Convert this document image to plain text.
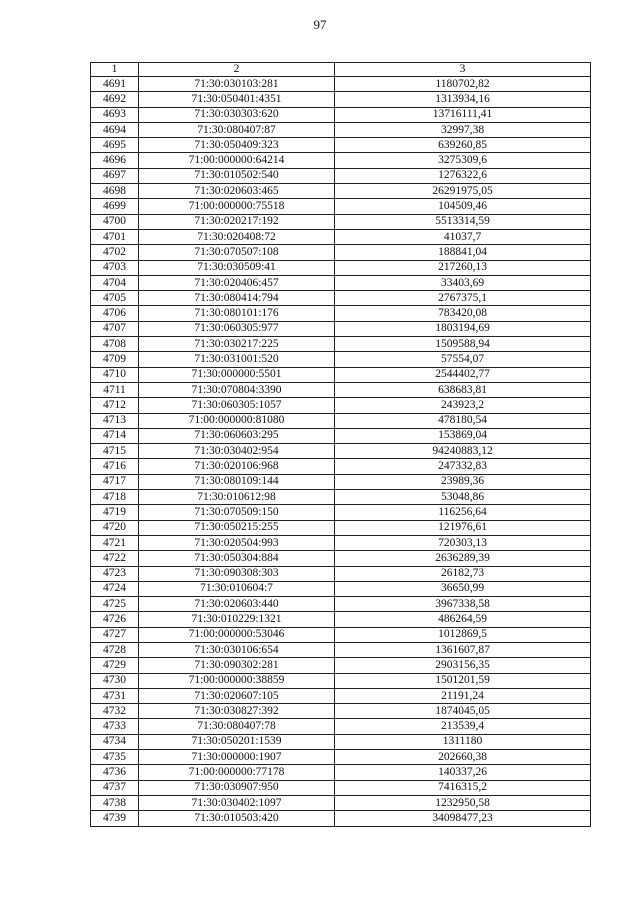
97
1	2	3
4691	71:30:030103:281	1180702,82
4692	71:30:050401:4351	1313934,16
4693	71:30:030303:620	13716111,41
4694	71:30:080407:87	32997,38
4695	71:30:050409:323	639260,85
4696	71:00:000000:64214	3275309,6
4697	71:30:010502:540	1276322,6
4698	71:30:020603:465	26291975,05
4699	71:00:000000:75518	104509,46
4700	71:30:020217:192	5513314,59
4701	71:30:020408:72	41037,7
4702	71:30:070507:108	188841,04
4703	71:30:030509:41	217260,13
4704	71:30:020406:457	33403,69
4705	71:30:080414:794	2767375,1
4706	71:30:080101:176	783420,08
4707	71:30:060305:977	1803194,69
4708	71:30:030217:225	1509588,94
4709	71:30:031001:520	57554,07
4710	71:30:000000:5501	2544402,77
4711	71:30:070804:3390	638683,81
4712	71:30:060305:1057	243923,2
4713	71:00:000000:81080	478180,54
4714	71:30:060603:295	153869,04
4715	71:30:030402:954	94240883,12
4716	71:30:020106:968	247332,83
4717	71:30:080109:144	23989,36
4718	71:30:010612:98	53048,86
4719	71:30:070509:150	116256,64
4720	71:30:050215:255	121976,61
4721	71:30:020504:993	720303,13
4722	71:30:050304:884	2636289,39
4723	71:30:090308:303	26182,73
4724	71:30:010604:7	36650,99
4725	71:30:020603:440	3967338,58
4726	71:30:010229:1321	486264,59
4727	71:00:000000:53046	1012869,5
4728	71:30:030106:654	1361607,87
4729	71:30:090302:281	2903156,35
4730	71:00:000000:38859	1501201,59
4731	71:30:020607:105	21191,24
4732	71:30:030827:392	1874045,05
4733	71:30:080407:78	213539,4
4734	71:30:050201:1539	1311180
4735	71:30:000000:1907	202660,38
4736	71:00:000000:77178	140337,26
4737	71:30:030907:950	7416315,2
4738	71:30:030402:1097	1232950,58
4739	71:30:010503:420	34098477,23
